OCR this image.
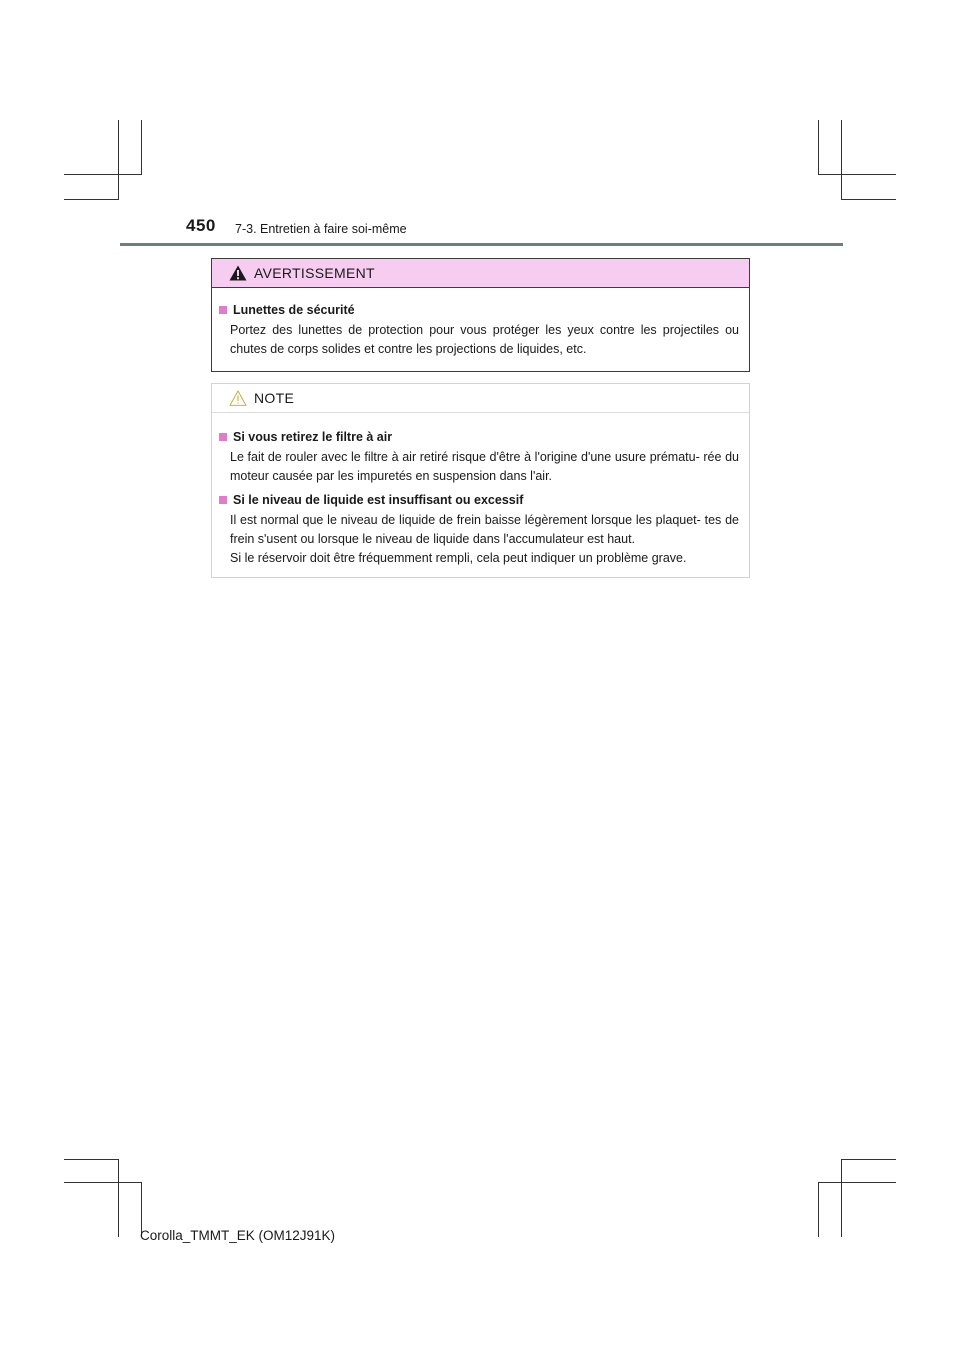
450 7-3. Entretien à faire soi-même
AVERTISSEMENT
Lunettes de sécurité
Portez des lunettes de protection pour vous protéger les yeux contre les projectiles ou chutes de corps solides et contre les projections de liquides, etc.
NOTE
Si vous retirez le filtre à air
Le fait de rouler avec le filtre à air retiré risque d'être à l'origine d'une usure prématu- rée du moteur causée par les impuretés en suspension dans l'air.
Si le niveau de liquide est insuffisant ou excessif
Il est normal que le niveau de liquide de frein baisse légèrement lorsque les plaquet- tes de frein s'usent ou lorsque le niveau de liquide dans l'accumulateur est haut.
Si le réservoir doit être fréquemment rempli, cela peut indiquer un problème grave.
Corolla_TMMT_EK (OM12J91K)
